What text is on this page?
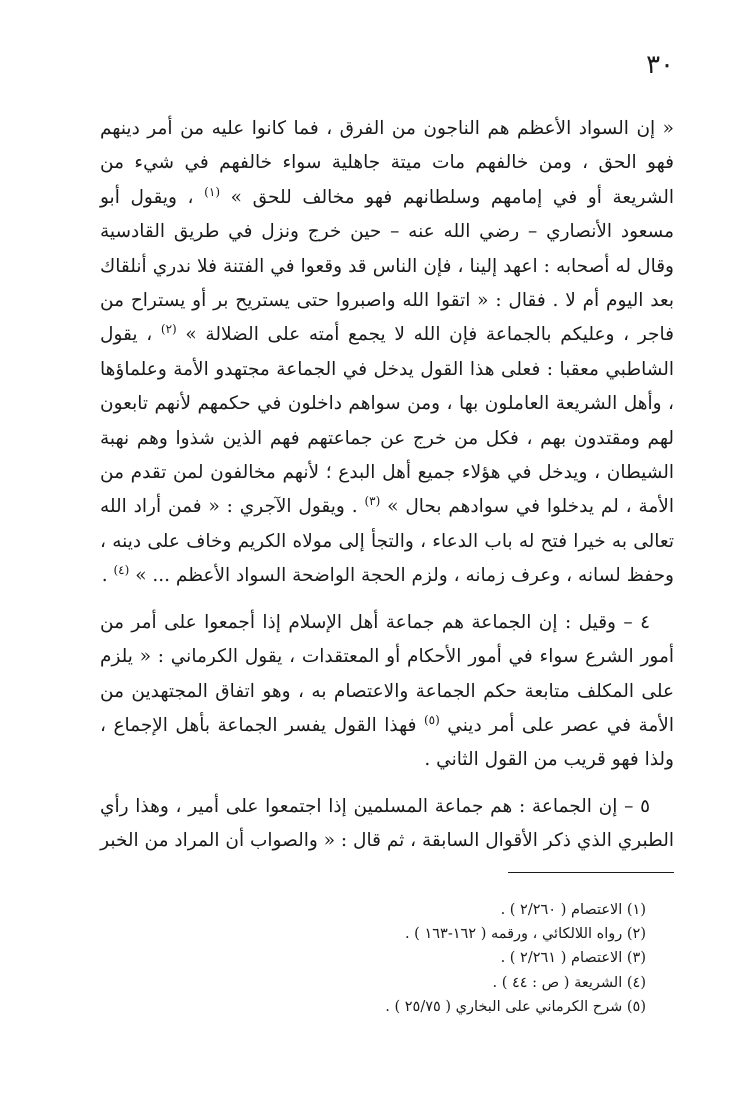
٣٠

« إن السواد الأعظم هم الناجون من الفرق ، فما كانوا عليه من أمر دينهم فهو الحق ، ومن خالفهم مات ميتة جاهلية سواء خالفهم في شيء من الشريعة أو في إمامهم وسلطانهم فهو مخالف للحق » $^{(١)}$ ، ويقول أبو مسعود الأنصاري – رضي الله عنه – حين خرج ونزل في طريق القادسية وقال له أصحابه : اعهد إلينا ، فإن الناس قد وقعوا في الفتنة فلا ندري أنلقاك بعد اليوم أم لا . فقال : « اتقوا الله واصبروا حتى يستريح بر أو يستراح من فاجر ، وعليكم بالجماعة فإن الله لا يجمع أمته على الضلالة » $^{(٢)}$ ، يقول الشاطبي معقبا : فعلى هذا القول يدخل في الجماعة مجتهدو الأمة وعلماؤها ، وأهل الشريعة العاملون بها ، ومن سواهم داخلون في حكمهم لأنهم تابعون لهم ومقتدون بهم ، فكل من خرج عن جماعتهم فهم الذين شذوا وهم نهبة الشيطان ، ويدخل في هؤلاء جميع أهل البدع ؛ لأنهم مخالفون لمن تقدم من الأمة ، لم يدخلوا في سوادهم بحال » $^{(٣)}$ . ويقول الآجري : « فمن أراد الله تعالى به خيرا فتح له باب الدعاء ، والتجأ إلى مولاه الكريم وخاف على دينه ، وحفظ لسانه ، وعرف زمانه ، ولزم الحجة الواضحة السواد الأعظم ... » $^{(٤)}$ .

٤ – وقيل : إن الجماعة هم جماعة أهل الإسلام إذا أجمعوا على أمر من أمور الشرع سواء في أمور الأحكام أو المعتقدات ، يقول الكرماني : « يلزم على المكلف متابعة حكم الجماعة والاعتصام به ، وهو اتفاق المجتهدين من الأمة في عصر على أمر ديني $^{(٥)}$ فهذا القول يفسر الجماعة بأهل الإجماع ، ولذا فهو قريب من القول الثاني .

٥ – إن الجماعة : هم جماعة المسلمين إذا اجتمعوا على أمير ، وهذا رأي الطبري الذي ذكر الأقوال السابقة ، ثم قال : « والصواب أن المراد من الخبر

(١) الاعتصام ( ٢/٢٦٠ ) .
(٢) رواه اللالكائي ، ورقمه ( ١٦٢-١٦٣ ) .
(٣) الاعتصام ( ٢/٢٦١ ) .
(٤) الشريعة ( ص : ٤٤ ) .
(٥) شرح الكرماني على البخاري ( ٢٥/٧٥ ) .
